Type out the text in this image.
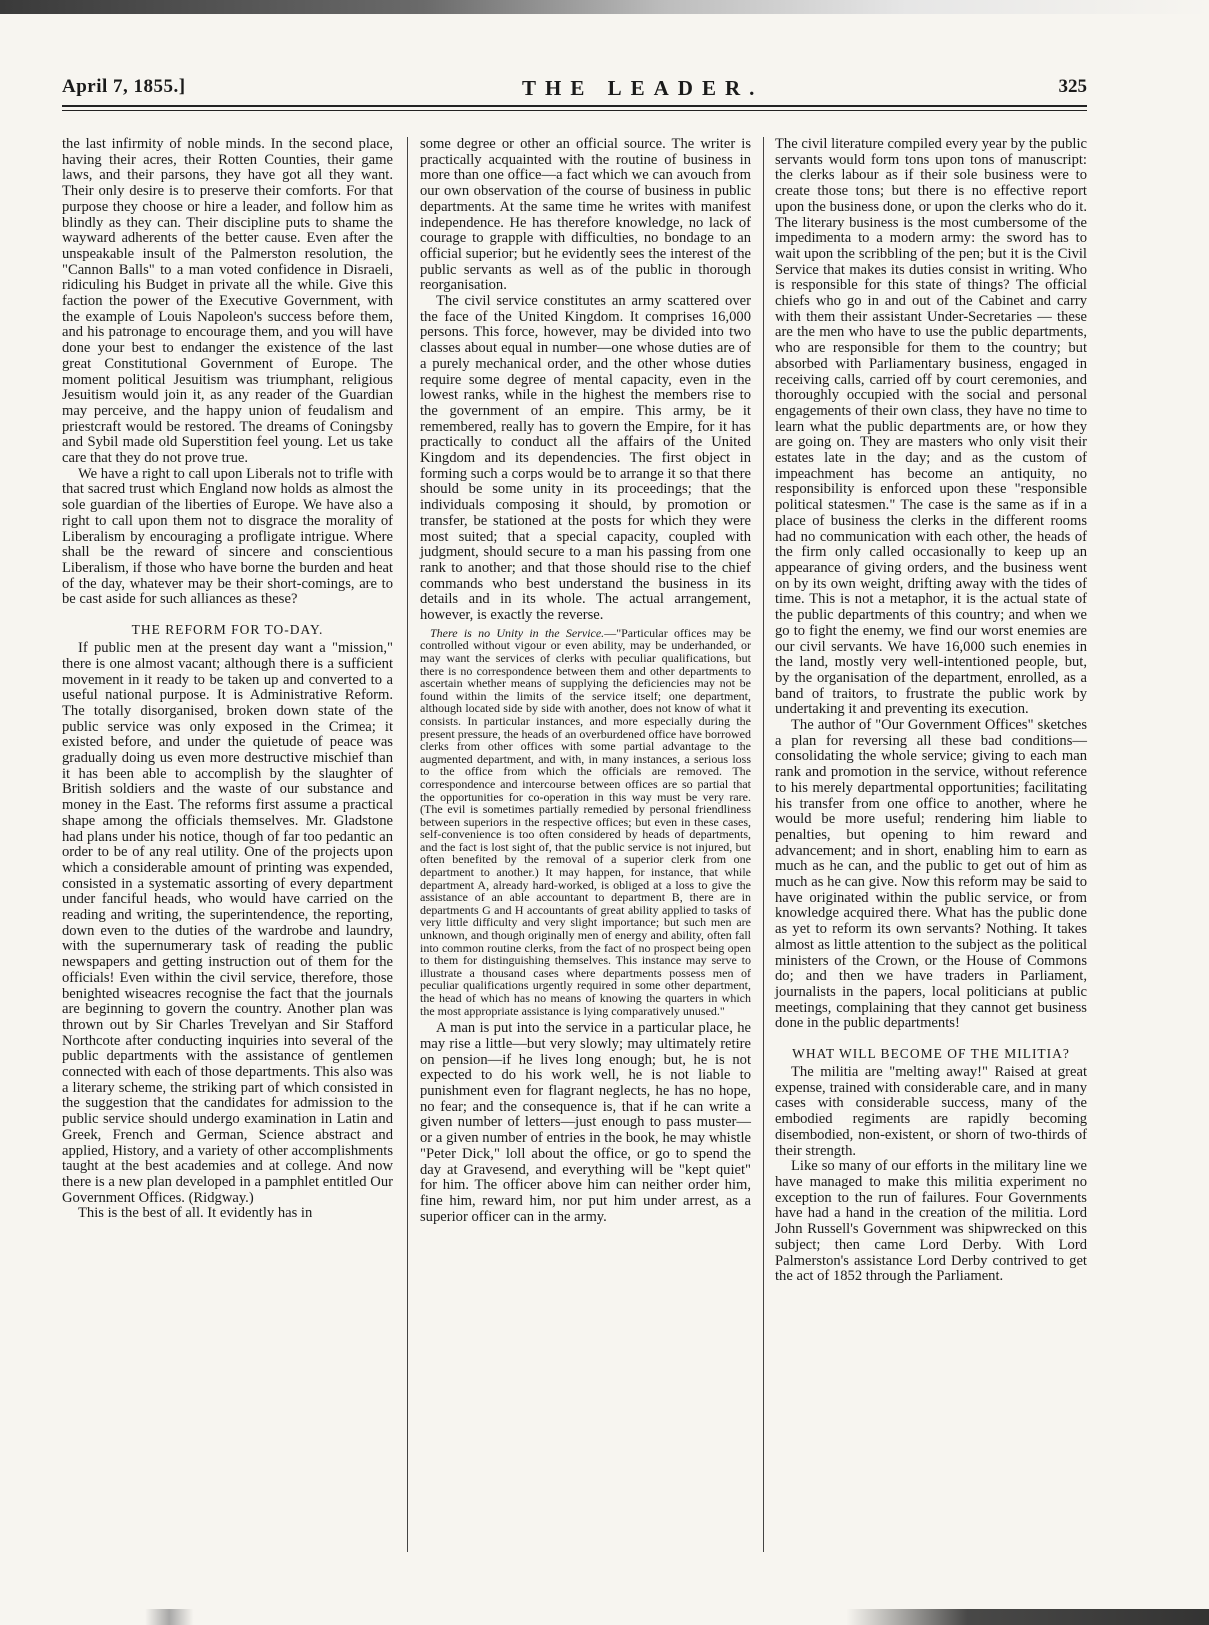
April 7, 1855.]	THE LEADER.	325

the last infirmity of noble minds. In the second place, having their acres, their Rotten Counties, their game laws, and their parsons, they have got all they want. Their only desire is to preserve their comforts. For that purpose they choose or hire a leader, and follow him as blindly as they can. Their discipline puts to shame the wayward adherents of the better cause. Even after the unspeakable insult of the Palmerston resolution, the "Cannon Balls" to a man voted confidence in Disraeli, ridiculing his Budget in private all the while. Give this faction the power of the Executive Government, with the example of Louis Napoleon's success before them, and his patronage to encourage them, and you will have done your best to endanger the existence of the last great Constitutional Government of Europe. The moment political Jesuitism was triumphant, religious Jesuitism would join it, as any reader of the Guardian may perceive, and the happy union of feudalism and priestcraft would be restored. The dreams of Coningsby and Sybil made old Superstition feel young. Let us take care that they do not prove true.

We have a right to call upon Liberals not to trifle with that sacred trust which England now holds as almost the sole guardian of the liberties of Europe. We have also a right to call upon them not to disgrace the morality of Liberalism by encouraging a profligate intrigue. Where shall be the reward of sincere and conscientious Liberalism, if those who have borne the burden and heat of the day, whatever may be their short-comings, are to be cast aside for such alliances as these?

THE REFORM FOR TO-DAY.

If public men at the present day want a "mission," there is one almost vacant; although there is a sufficient movement in it ready to be taken up and converted to a useful national purpose. It is Administrative Reform. The totally disorganised, broken down state of the public service was only exposed in the Crimea; it existed before, and under the quietude of peace was gradually doing us even more destructive mischief than it has been able to accomplish by the slaughter of British soldiers and the waste of our substance and money in the East. The reforms first assume a practical shape among the officials themselves. Mr. Gladstone had plans under his notice, though of far too pedantic an order to be of any real utility. One of the projects upon which a considerable amount of printing was expended, consisted in a systematic assorting of every department under fanciful heads, who would have carried on the reading and writing, the superintendence, the reporting, down even to the duties of the wardrobe and laundry, with the supernumerary task of reading the public newspapers and getting instruction out of them for the officials! Even within the civil service, therefore, those benighted wiseacres recognise the fact that the journals are beginning to govern the country. Another plan was thrown out by Sir Charles Trevelyan and Sir Stafford Northcote after conducting inquiries into several of the public departments with the assistance of gentlemen connected with each of those departments. This also was a literary scheme, the striking part of which consisted in the suggestion that the candidates for admission to the public service should undergo examination in Latin and Greek, French and German, Science abstract and applied, History, and a variety of other accomplishments taught at the best academies and at college. And now there is a new plan developed in a pamphlet entitled Our Government Offices. (Ridgway.)

This is the best of all. It evidently has in

some degree or other an official source. The writer is practically acquainted with the routine of business in more than one office—a fact which we can avouch from our own observation of the course of business in public departments. At the same time he writes with manifest independence. He has therefore knowledge, no lack of courage to grapple with difficulties, no bondage to an official superior; but he evidently sees the interest of the public servants as well as of the public in thorough reorganisation.

The civil service constitutes an army scattered over the face of the United Kingdom. It comprises 16,000 persons. This force, however, may be divided into two classes about equal in number—one whose duties are of a purely mechanical order, and the other whose duties require some degree of mental capacity, even in the lowest ranks, while in the highest the members rise to the government of an empire. This army, be it remembered, really has to govern the Empire, for it has practically to conduct all the affairs of the United Kingdom and its dependencies. The first object in forming such a corps would be to arrange it so that there should be some unity in its proceedings; that the individuals composing it should, by promotion or transfer, be stationed at the posts for which they were most suited; that a special capacity, coupled with judgment, should secure to a man his passing from one rank to another; and that those should rise to the chief commands who best understand the business in its details and in its whole. The actual arrangement, however, is exactly the reverse.

There is no Unity in the Service.—"Particular offices may be controlled without vigour or even ability, may be underhanded, or may want the services of clerks with peculiar qualifications, but there is no correspondence between them and other departments to ascertain whether means of supplying the deficiencies may not be found within the limits of the service itself; one department, although located side by side with another, does not know of what it consists. In particular instances, and more especially during the present pressure, the heads of an overburdened office have borrowed clerks from other offices with some partial advantage to the augmented department, and with, in many instances, a serious loss to the office from which the officials are removed. The correspondence and intercourse between offices are so partial that the opportunities for co-operation in this way must be very rare. (The evil is sometimes partially remedied by personal friendliness between superiors in the respective offices; but even in these cases, self-convenience is too often considered by heads of departments, and the fact is lost sight of, that the public service is not injured, but often benefited by the removal of a superior clerk from one department to another.) It may happen, for instance, that while department A, already hard-worked, is obliged at a loss to give the assistance of an able accountant to department B, there are in departments G and H accountants of great ability applied to tasks of very little difficulty and very slight importance; but such men are unknown, and though originally men of energy and ability, often fall into common routine clerks, from the fact of no prospect being open to them for distinguishing themselves. This instance may serve to illustrate a thousand cases where departments possess men of peculiar qualifications urgently required in some other department, the head of which has no means of knowing the quarters in which the most appropriate assistance is lying comparatively unused."

A man is put into the service in a particular place, he may rise a little—but very slowly; may ultimately retire on pension—if he lives long enough; but, he is not expected to do his work well, he is not liable to punishment even for flagrant neglects, he has no hope, no fear; and the consequence is, that if he can write a given number of letters—just enough to pass muster—or a given number of entries in the book, he may whistle "Peter Dick," loll about the office, or go to spend the day at Gravesend, and everything will be "kept quiet" for him. The officer above him can neither order him, fine him, reward him, nor put him under arrest, as a superior officer can in the army.

The civil literature compiled every year by the public servants would form tons upon tons of manuscript: the clerks labour as if their sole business were to create those tons; but there is no effective report upon the business done, or upon the clerks who do it. The literary business is the most cumbersome of the impedimenta to a modern army: the sword has to wait upon the scribbling of the pen; but it is the Civil Service that makes its duties consist in writing. Who is responsible for this state of things? The official chiefs who go in and out of the Cabinet and carry with them their assistant Under-Secretaries — these are the men who have to use the public departments, who are responsible for them to the country; but absorbed with Parliamentary business, engaged in receiving calls, carried off by court ceremonies, and thoroughly occupied with the social and personal engagements of their own class, they have no time to learn what the public departments are, or how they are going on. They are masters who only visit their estates late in the day; and as the custom of impeachment has become an antiquity, no responsibility is enforced upon these "responsible political statesmen." The case is the same as if in a place of business the clerks in the different rooms had no communication with each other, the heads of the firm only called occasionally to keep up an appearance of giving orders, and the business went on by its own weight, drifting away with the tides of time. This is not a metaphor, it is the actual state of the public departments of this country; and when we go to fight the enemy, we find our worst enemies are our civil servants. We have 16,000 such enemies in the land, mostly very well-intentioned people, but, by the organisation of the department, enrolled, as a band of traitors, to frustrate the public work by undertaking it and preventing its execution.

The author of "Our Government Offices" sketches a plan for reversing all these bad conditions—consolidating the whole service; giving to each man rank and promotion in the service, without reference to his merely departmental opportunities; facilitating his transfer from one office to another, where he would be more useful; rendering him liable to penalties, but opening to him reward and advancement; and in short, enabling him to earn as much as he can, and the public to get out of him as much as he can give. Now this reform may be said to have originated within the public service, or from knowledge acquired there. What has the public done as yet to reform its own servants? Nothing. It takes almost as little attention to the subject as the political ministers of the Crown, or the House of Commons do; and then we have traders in Parliament, journalists in the papers, local politicians at public meetings, complaining that they cannot get business done in the public departments!

WHAT WILL BECOME OF THE MILITIA?

The militia are "melting away!" Raised at great expense, trained with considerable care, and in many cases with considerable success, many of the embodied regiments are rapidly becoming disembodied, non-existent, or shorn of two-thirds of their strength.

Like so many of our efforts in the military line we have managed to make this militia experiment no exception to the run of failures. Four Governments have had a hand in the creation of the militia. Lord John Russell's Government was shipwrecked on this subject; then came Lord Derby. With Lord Palmerston's assistance Lord Derby contrived to get the act of 1852 through the Parliament.
